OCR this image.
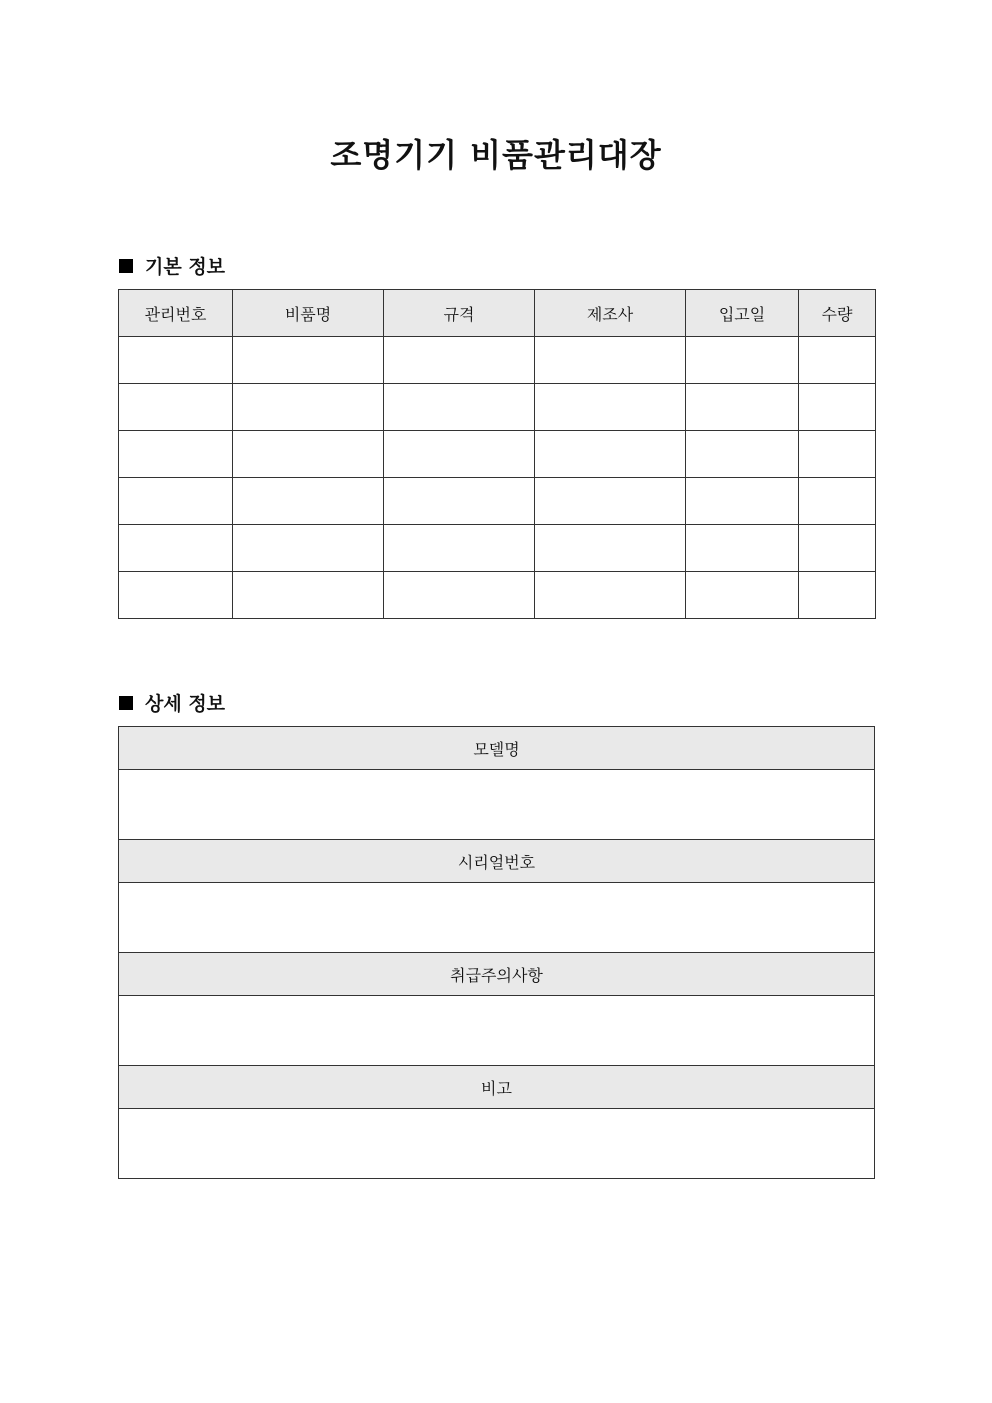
조명기기 비품관리대장
기본 정보
관리번호	비품명	규격	제조사	입고일	수량

상세 정보
모델명

시리얼번호

취급주의사항

비고
